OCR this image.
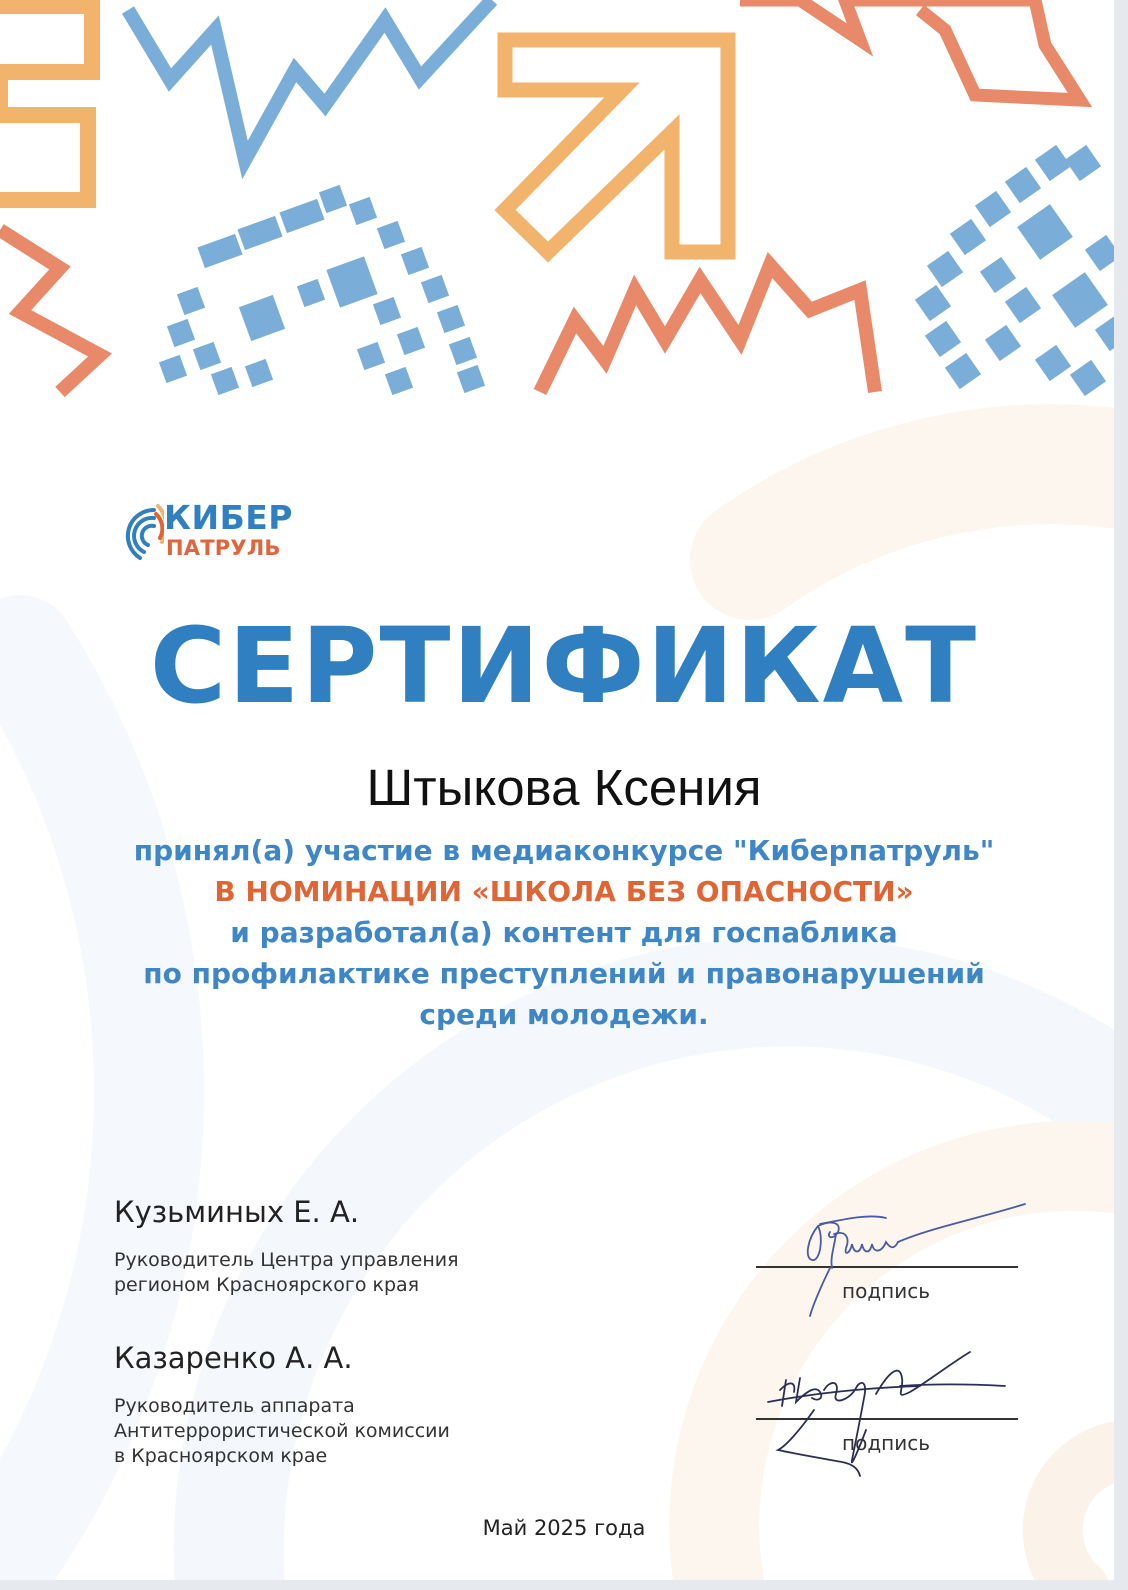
КИБЕР
ПАТРУЛЬ
СЕРТИФИКАТ
Штыкова Ксения
принял(а) участие в медиаконкурсе "Киберпатруль"
В НОМИНАЦИИ «ШКОЛА БЕЗ ОПАСНОСТИ»
и разработал(а) контент для госпаблика
по профилактике преступлений и правонарушений
среди молодежи.
Кузьминых Е. А.
Руководитель Центра управления
регионом Красноярского края	подпись
Казаренко А. А.
Руководитель аппарата
Антитеррористической комиссии
в Красноярском крае
подпись
Май 2025 года
